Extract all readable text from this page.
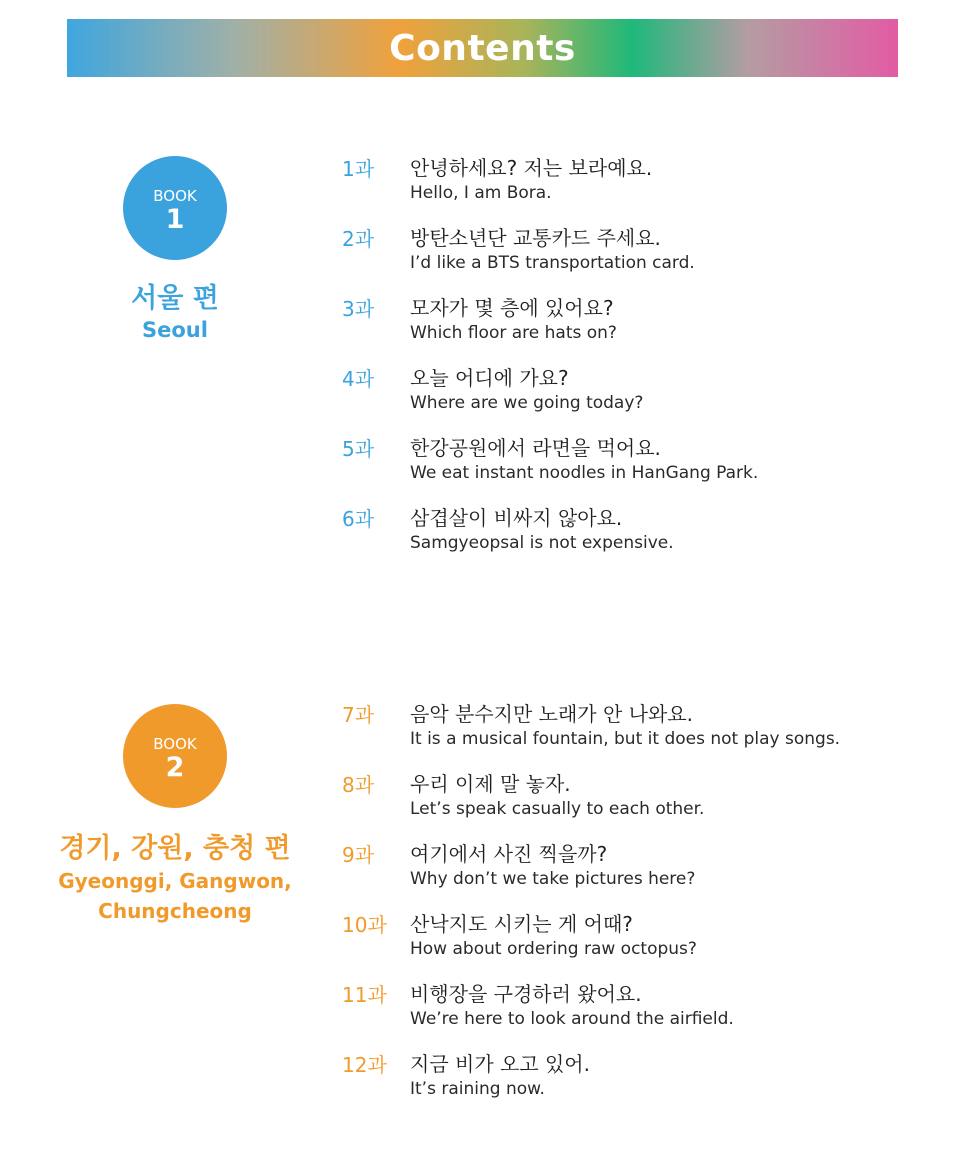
Contents
BOOK
1
서울 편
Seoul
1과 안녕하세요? 저는 보라예요.
Hello, I am Bora.
2과 방탄소년단 교통카드 주세요.
I’d like a BTS transportation card.
3과 모자가 몇 층에 있어요?
Which floor are hats on?
4과 오늘 어디에 가요?
Where are we going today?
5과 한강공원에서 라면을 먹어요.
We eat instant noodles in HanGang Park.
6과 삼겹살이 비싸지 않아요.
Samgyeopsal is not expensive.
BOOK
2
경기, 강원, 충청 편
Gyeonggi, Gangwon,
Chungcheong
7과 음악 분수지만 노래가 안 나와요.
It is a musical fountain, but it does not play songs.
8과 우리 이제 말 놓자.
Let’s speak casually to each other.
9과 여기에서 사진 찍을까?
Why don’t we take pictures here?
10과 산낙지도 시키는 게 어때?
How about ordering raw octopus?
11과 비행장을 구경하러 왔어요.
We’re here to look around the airfield.
12과 지금 비가 오고 있어.
It’s raining now.
